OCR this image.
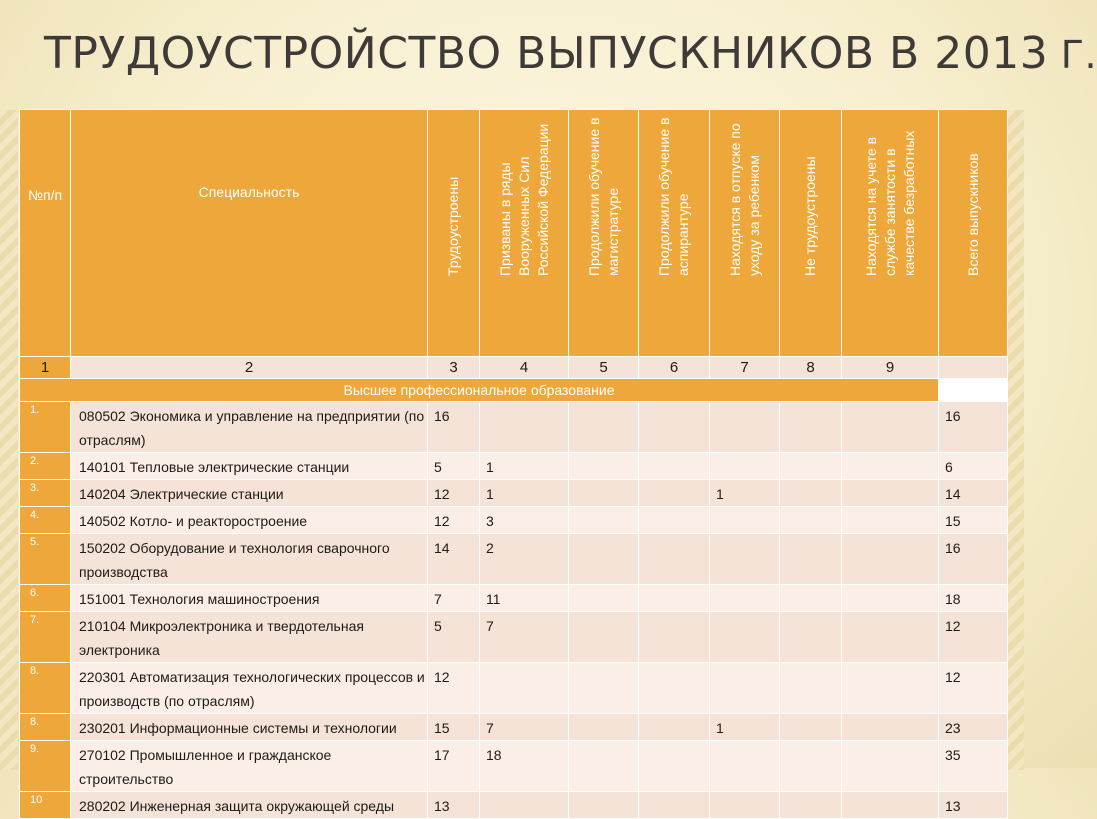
ТРУДОУСТРОЙСТВО ВЫПУСКНИКОВ В 2013 Г.
№п/п	Специальность	Трудоустроены	Призваны в ряды Вооруженных Сил Российской Федерации	Продолжили обучение в магистратуре	Продолжили обучение в аспирантуре	Находятся в отпуске по уходу за ребенком	Не трудоустроены	Находятся на учете в службе занятости в качестве безработных	Всего выпускников

1	2	3	4	5	6	7	8	9	
Высшее профессиональное образование									
1.	080502 Экономика и управление на предприятии (по отраслям)	16							16
2.	140101 Тепловые электрические станции	5	1						6
3.	140204 Электрические станции	12	1			1			14
4.	140502 Котло- и реакторостроение	12	3						15
5.	150202 Оборудование и технология сварочного производства	14	2						16
6.	151001 Технология машиностроения	7	11						18
7.	210104 Микроэлектроника и твердотельная электроника	5	7						12
8.	220301 Автоматизация технологических процессов и производств (по отраслям)	12							12
8.	230201 Информационные системы и технологии	15	7			1			23
9.	270102 Промышленное и гражданское строительство	17	18						35
10	280202 Инженерная защита окружающей среды	13							13
